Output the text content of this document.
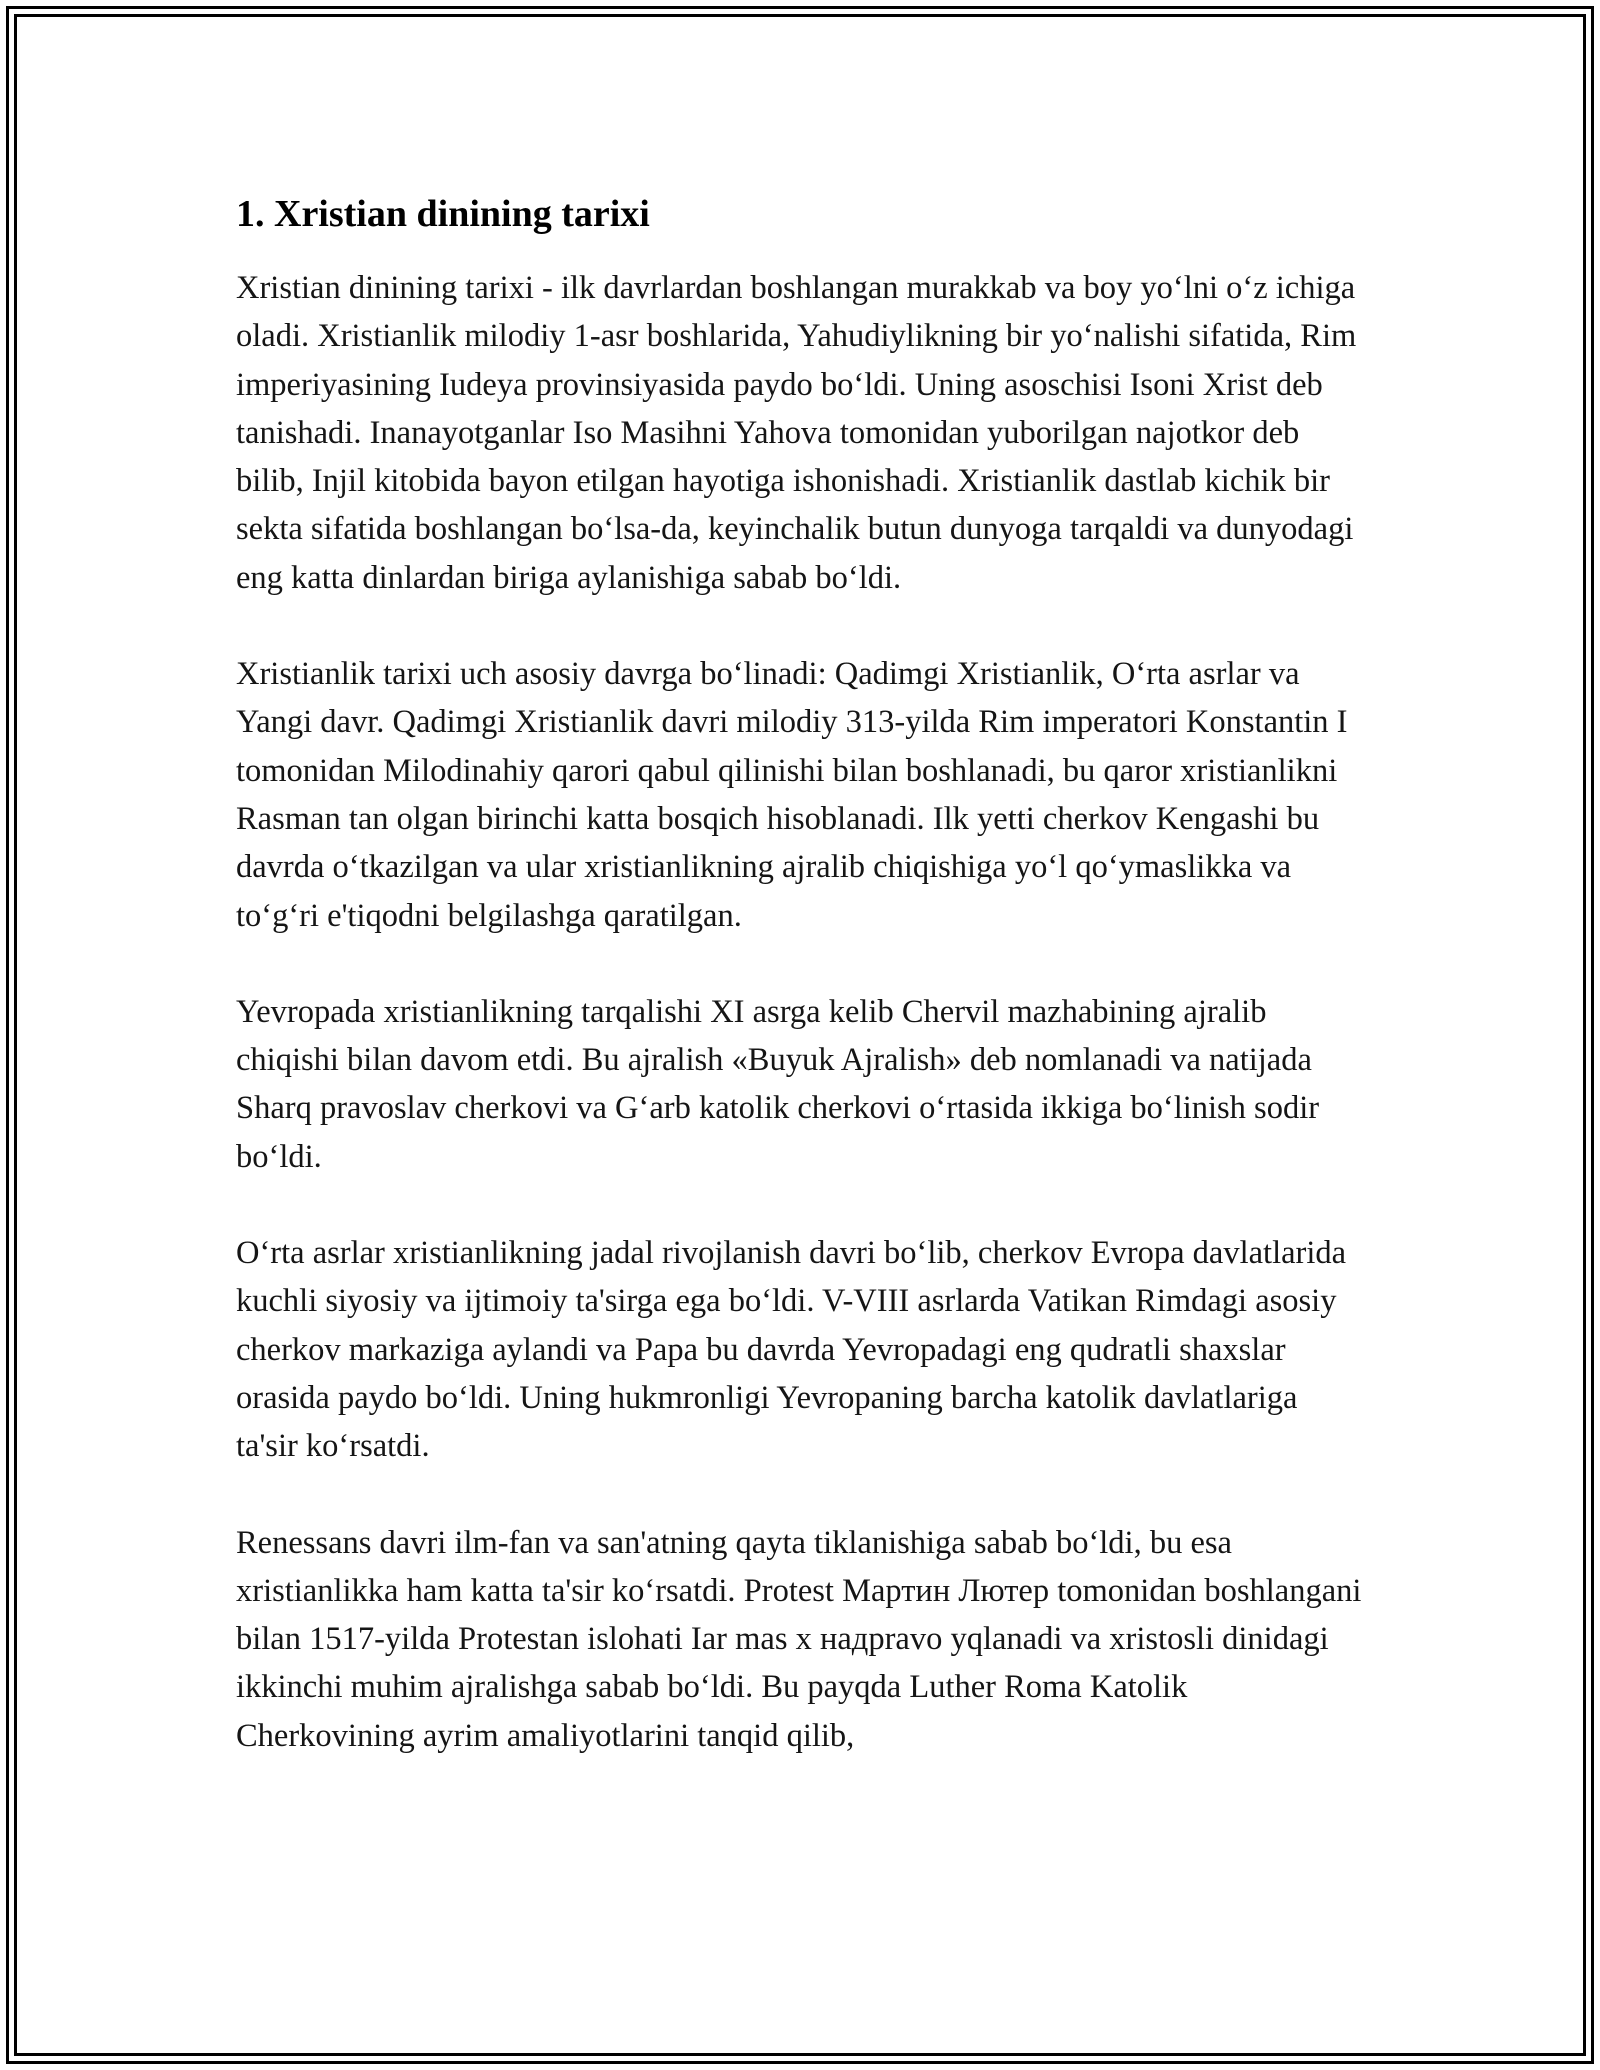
1. Xristian dinining tarixi

Xristian dinining tarixi - ilk davrlardan boshlangan murakkab va boy yo‘lni o‘z ichiga oladi. Xristianlik milodiy 1-asr boshlarida, Yahudiylikning bir yo‘nalishi sifatida, Rim imperiyasining Iudeya provinsiyasida paydo bo‘ldi. Uning asoschisi Isoni Xrist deb tanishadi. Inanayotganlar Iso Masihni Yahova tomonidan yuborilgan najotkor deb bilib, Injil kitobida bayon etilgan hayotiga ishonishadi. Xristianlik dastlab kichik bir sekta sifatida boshlangan bo‘lsa-da, keyinchalik butun dunyoga tarqaldi va dunyodagi eng katta dinlardan biriga aylanishiga sabab bo‘ldi.

Xristianlik tarixi uch asosiy davrga bo‘linadi: Qadimgi Xristianlik, O‘rta asrlar va Yangi davr. Qadimgi Xristianlik davri milodiy 313-yilda Rim imperatori Konstantin I tomonidan Milodinahiy qarori qabul qilinishi bilan boshlanadi, bu qaror xristianlikni Rasman tan olgan birinchi katta bosqich hisoblanadi. Ilk yetti cherkov Kengashi bu davrda o‘tkazilgan va ular xristianlikning ajralib chiqishiga yo‘l qo‘ymaslikka va to‘g‘ri e'tiqodni belgilashga qaratilgan.

Yevropada xristianlikning tarqalishi XI asrga kelib Chervil mazhabining ajralib chiqishi bilan davom etdi. Bu ajralish «Buyuk Ajralish» deb nomlanadi va natijada Sharq pravoslav cherkovi va G‘arb katolik cherkovi o‘rtasida ikkiga bo‘linish sodir bo‘ldi.

O‘rta asrlar xristianlikning jadal rivojlanish davri bo‘lib, cherkov Evropa davlatlarida kuchli siyosiy va ijtimoiy ta'sirga ega bo‘ldi. V-VIII asrlarda Vatikan Rimdagi asosiy cherkov markaziga aylandi va Papa bu davrda Yevropadagi eng qudratli shaxslar orasida paydo bo‘ldi. Uning hukmronligi Yevropaning barcha katolik davlatlariga ta'sir ko‘rsatdi.

Renessans davri ilm-fan va san'atning qayta tiklanishiga sabab bo‘ldi, bu esa xristianlikka ham katta ta'sir ko‘rsatdi. Protest Мартин Лютер tomonidan boshlangani bilan 1517-yilda Protestan islohati Iar mas x надpravo yqlanadi va xristosli dinidagi ikkinchi muhim ajralishga sabab bo‘ldi. Bu payqda Luther Roma Katolik Cherkovining ayrim amaliyotlarini tanqid qilib,
